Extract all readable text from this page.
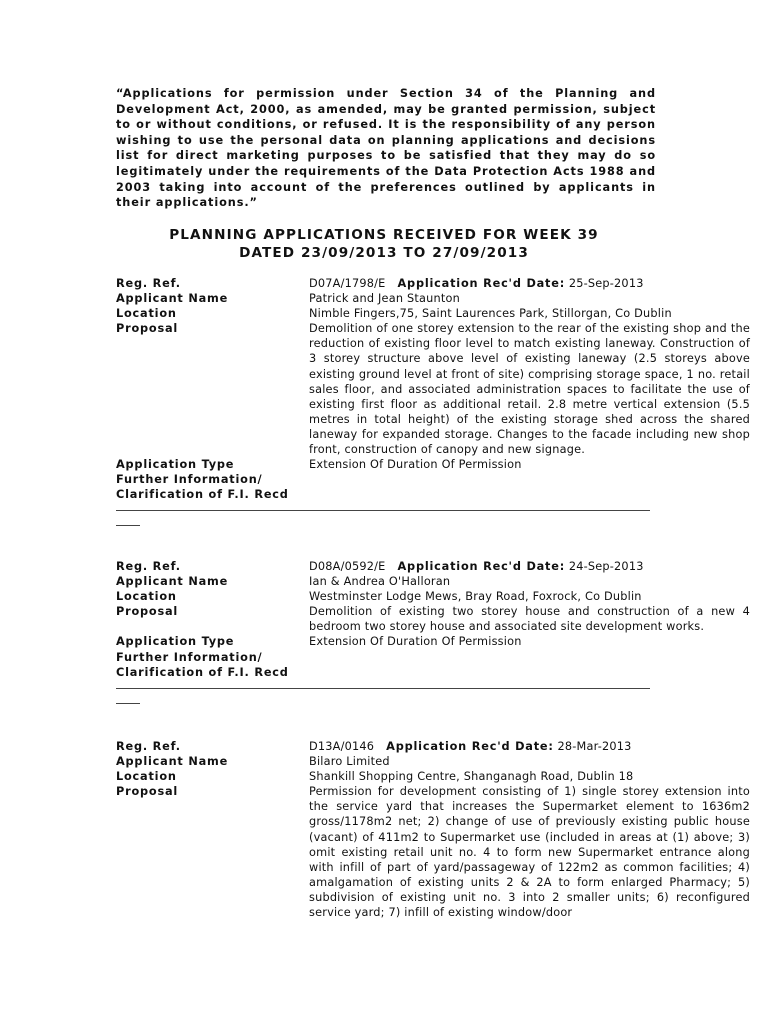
“Applications for permission under Section 34 of the Planning and Development Act, 2000, as amended, may be granted permission, subject to or without conditions, or refused. It is the responsibility of any person wishing to use the personal data on planning applications and decisions list for direct marketing purposes to be satisfied that they may do so legitimately under the requirements of the Data Protection Acts 1988 and 2003 taking into account of the preferences outlined by applicants in their applications.”

PLANNING APPLICATIONS RECEIVED FOR WEEK 39
DATED 23/09/2013 TO 27/09/2013
Reg. Ref.	D07A/1798/E Application Rec'd Date: 25-Sep-2013
Applicant Name	Patrick and Jean Staunton
Location	Nimble Fingers,75, Saint Laurences Park, Stillorgan, Co Dublin
Proposal	Demolition of one storey extension to the rear of the existing shop and the reduction of existing floor level to match existing laneway. Construction of 3 storey structure above level of existing laneway (2.5 storeys above existing ground level at front of site) comprising storage space, 1 no. retail sales floor, and associated administration spaces to facilitate the use of existing first floor as additional retail. 2.8 metre vertical extension (5.5 metres in total height) of the existing storage shed across the shared laneway for expanded storage. Changes to the facade including new shop front, construction of canopy and new signage.
Application Type	Extension Of Duration Of Permission
Further Information/
Clarification of F.I. Recd
Reg. Ref.	D08A/0592/E Application Rec'd Date: 24-Sep-2013
Applicant Name	Ian & Andrea O'Halloran
Location	Westminster Lodge Mews, Bray Road, Foxrock, Co Dublin
Proposal	Demolition of existing two storey house and construction of a new 4 bedroom two storey house and associated site development works.
Application Type	Extension Of Duration Of Permission
Further Information/
Clarification of F.I. Recd
Reg. Ref.	D13A/0146 Application Rec'd Date: 28-Mar-2013
Applicant Name	Bilaro Limited
Location	Shankill Shopping Centre, Shanganagh Road, Dublin 18
Proposal	Permission for development consisting of 1) single storey extension into the service yard that increases the Supermarket element to 1636m2 gross/1178m2 net; 2) change of use of previously existing public house (vacant) of 411m2 to Supermarket use (included in areas at (1) above; 3) omit existing retail unit no. 4 to form new Supermarket entrance along with infill of part of yard/passageway of 122m2 as common facilities; 4) amalgamation of existing units 2 & 2A to form enlarged Pharmacy; 5) subdivision of existing unit no. 3 into 2 smaller units; 6) reconfigured service yard; 7) infill of existing window/door
